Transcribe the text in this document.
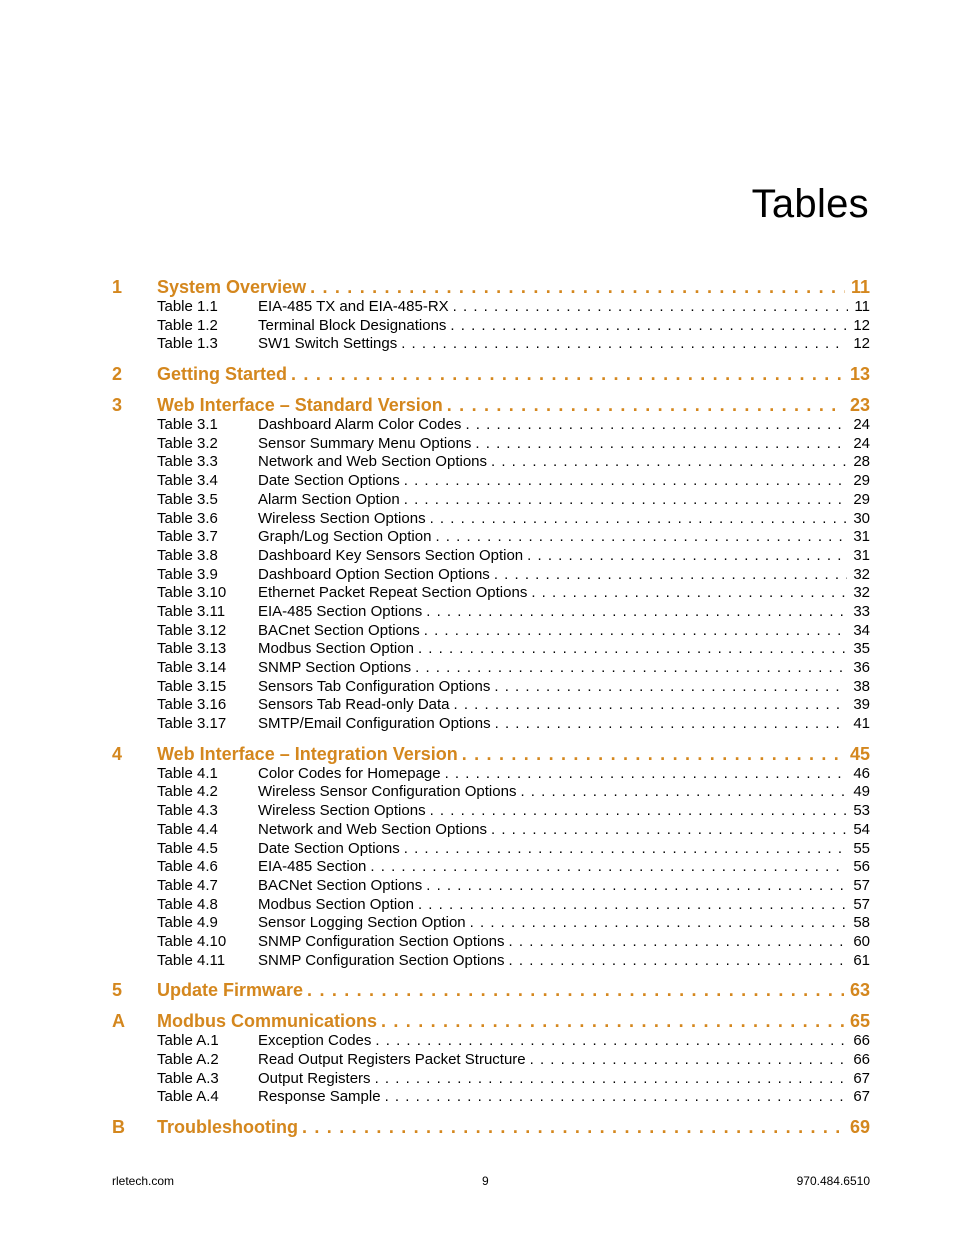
Tables
1	System Overview . . .	11
Table 1.1	EIA-485 TX and EIA-485-RX . . .	11
Table 1.2	Terminal Block Designations . . .	12
Table 1.3	SW1 Switch Settings . . .	12
2	Getting Started . . .	13
3	Web Interface – Standard Version . . .	23
Table 3.1	Dashboard Alarm Color Codes . . .	24
Table 3.2	Sensor Summary Menu Options . . .	24
Table 3.3	Network and Web Section Options . . .	28
Table 3.4	Date Section Options . . .	29
Table 3.5	Alarm Section Option . . .	29
Table 3.6	Wireless Section Options . . .	30
Table 3.7	Graph/Log Section Option . . .	31
Table 3.8	Dashboard Key Sensors Section Option . . .	31
Table 3.9	Dashboard Option Section Options . . .	32
Table 3.10	Ethernet Packet Repeat Section Options . . .	32
Table 3.11	EIA-485 Section Options . . .	33
Table 3.12	BACnet Section Options . . .	34
Table 3.13	Modbus Section Option . . .	35
Table 3.14	SNMP Section Options . . .	36
Table 3.15	Sensors Tab Configuration Options . . .	38
Table 3.16	Sensors Tab Read-only Data . . .	39
Table 3.17	SMTP/Email Configuration Options . . .	41
4	Web Interface – Integration Version . . .	45
Table 4.1	Color Codes for Homepage . . .	46
Table 4.2	Wireless Sensor Configuration Options . . .	49
Table 4.3	Wireless Section Options . . .	53
Table 4.4	Network and Web Section Options . . .	54
Table 4.5	Date Section Options . . .	55
Table 4.6	EIA-485 Section . . .	56
Table 4.7	BACNet Section Options . . .	57
Table 4.8	Modbus Section Option . . .	57
Table 4.9	Sensor Logging Section Option . . .	58
Table 4.10	SNMP Configuration Section Options . . .	60
Table 4.11	SNMP Configuration Section Options . . .	61
5	Update Firmware . . .	63
A	Modbus Communications . . .	65
Table A.1	Exception Codes . . .	66
Table A.2	Read Output Registers Packet Structure . . .	66
Table A.3	Output Registers . . .	67
Table A.4	Response Sample . . .	67
B	Troubleshooting . . .	69
rletech.com	9	970.484.6510
